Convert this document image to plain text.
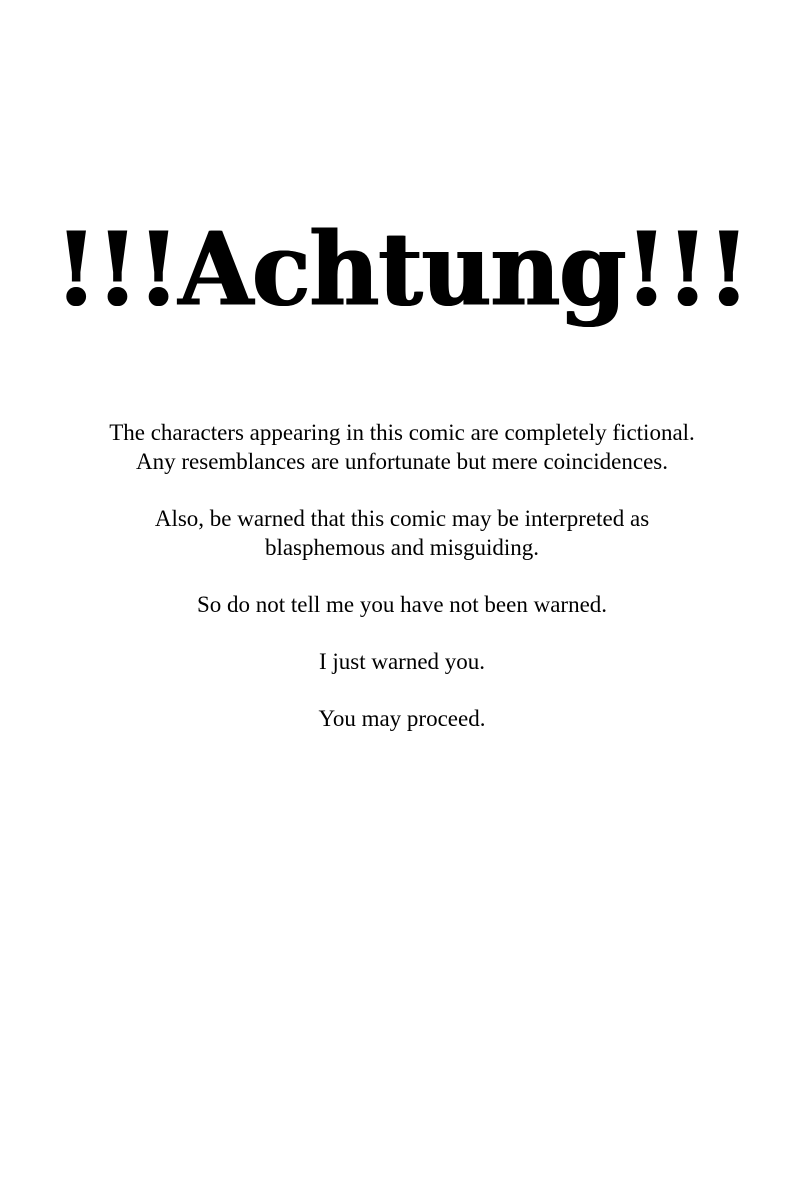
!!!Achtung!!!

The characters appearing in this comic are completely fictional.
Any resemblances are unfortunate but mere coincidences.

Also, be warned that this comic may be interpreted as
blasphemous and misguiding.

So do not tell me you have not been warned.

I just warned you.

You may proceed.
